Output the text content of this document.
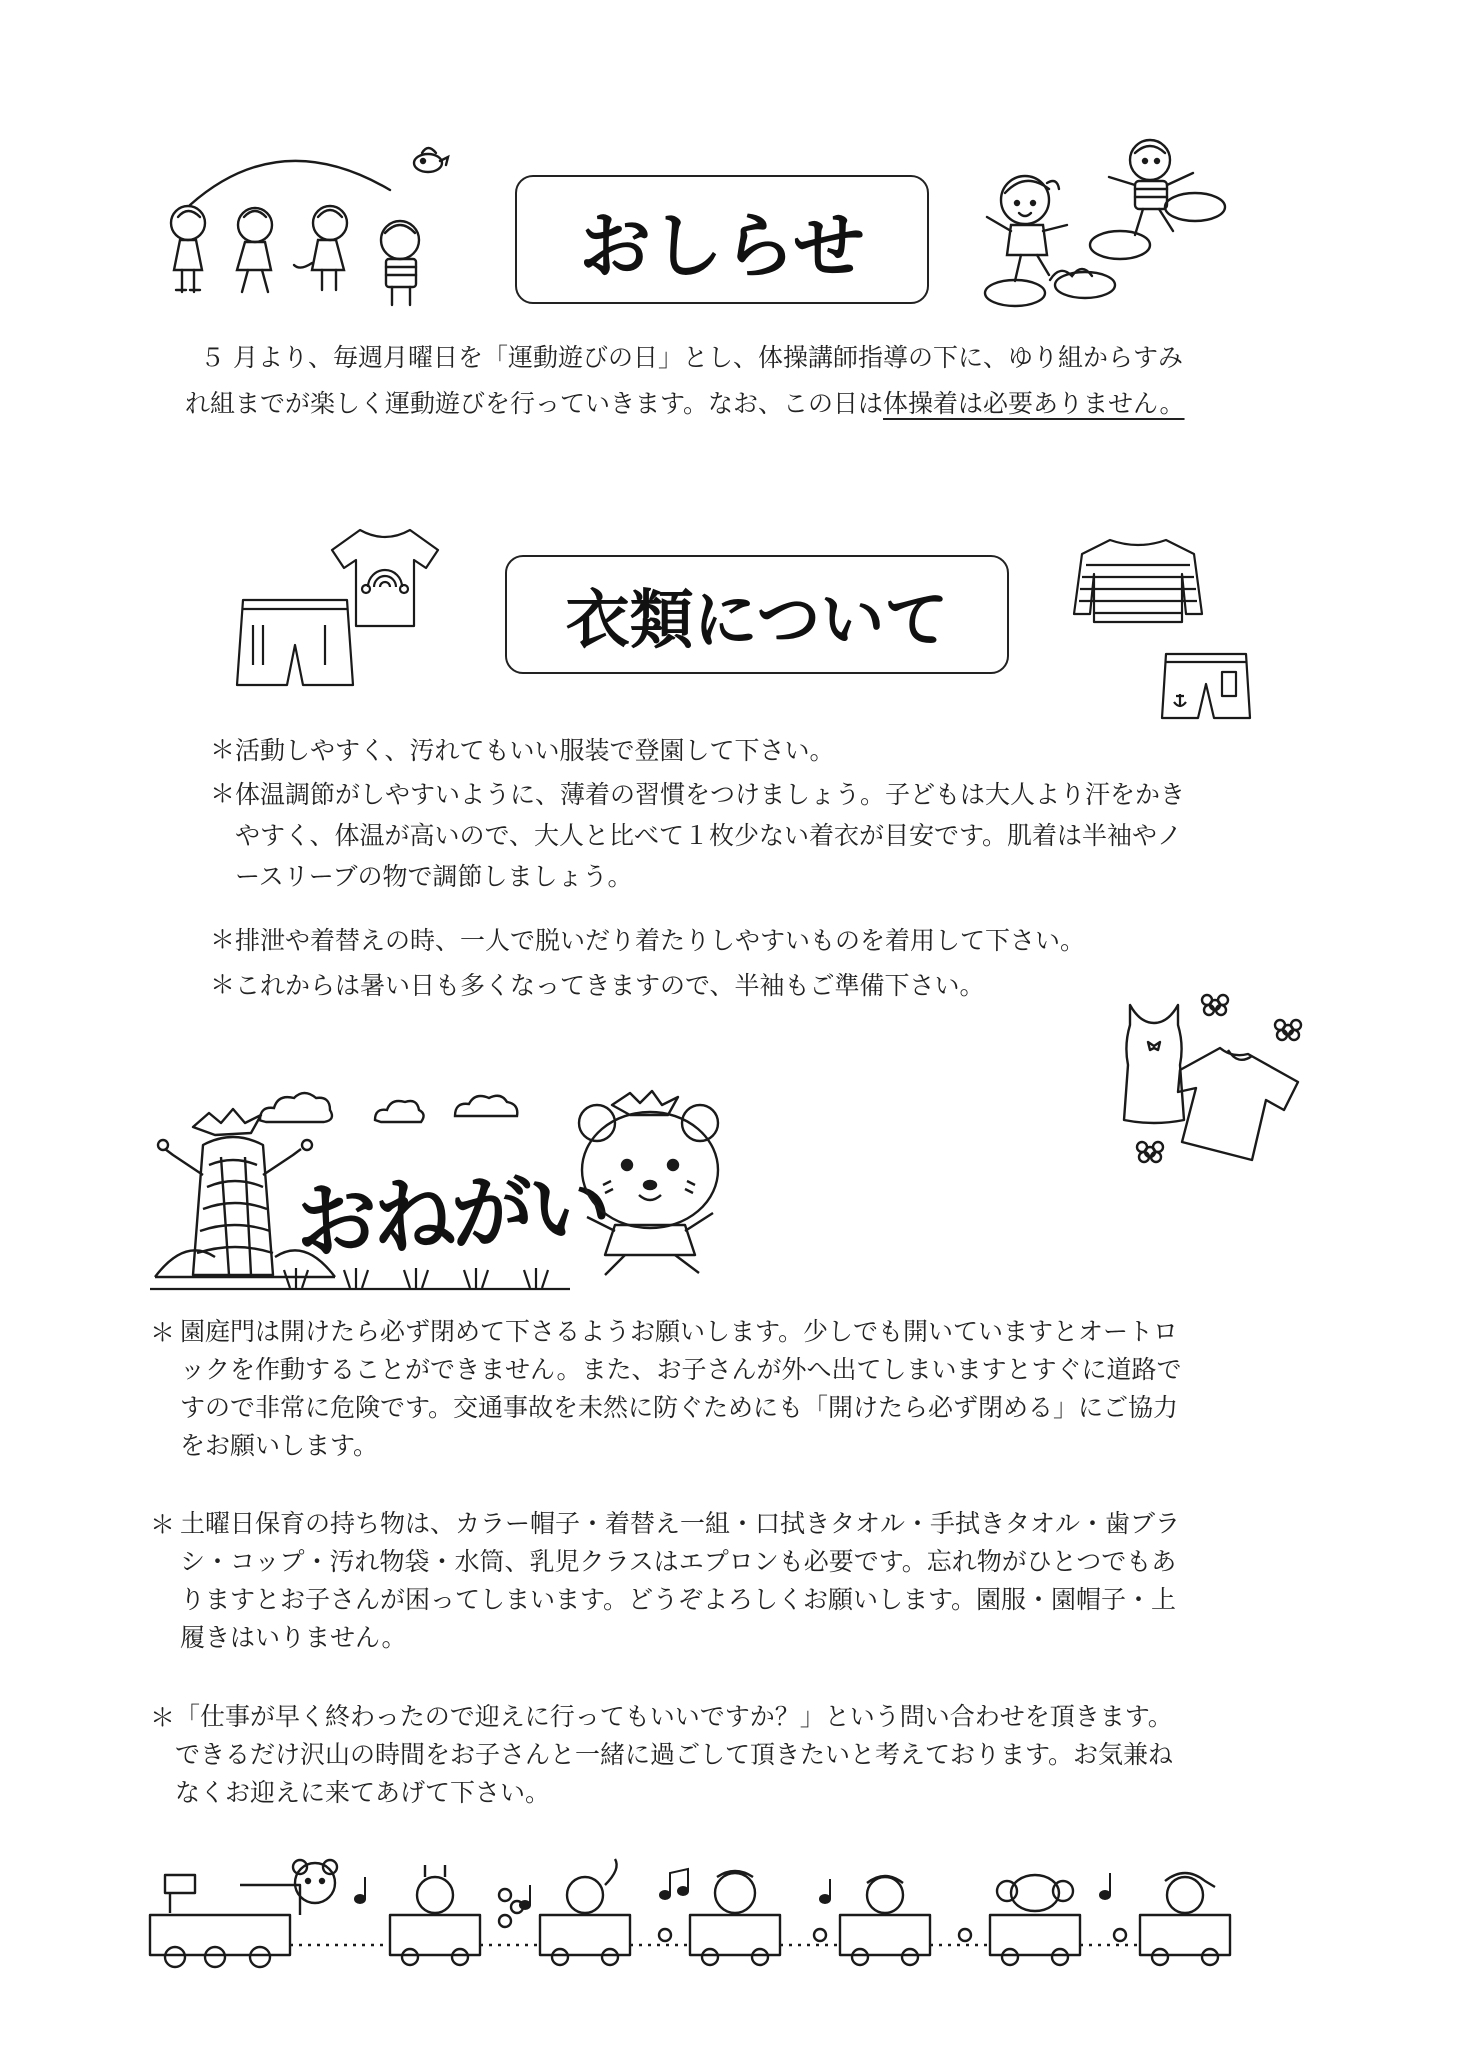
おしらせ
５ 月より、毎週月曜日を「運動遊びの日」とし、体操講師指導の下に、ゆり組からすみ
れ組までが楽しく運動遊びを行っていきます。なお、この日は体操着は必要ありません。
衣類について
＊ 活動しやすく、汚れてもいい服装で登園して下さい。
＊ 体温調節がしやすいように、薄着の習慣をつけましょう。子どもは大人より汗をかき
やすく、体温が高いので、大人と比べて１枚少ない着衣が目安です。肌着は半袖やノ
ースリーブの物で調節しましょう。
＊ 排泄や着替えの時、一人で脱いだり着たりしやすいものを着用して下さい。
＊ これからは暑い日も多くなってきますので、半袖もご準備下さい。
おねがい
＊ 園庭門は開けたら必ず閉めて下さるようお願いします。少しでも開いていますとオートロ
ックを作動することができません。また、お子さんが外へ出てしまいますとすぐに道路で
すので非常に危険です。交通事故を未然に防ぐためにも「開けたら必ず閉める」にご協力
をお願いします。
＊ 土曜日保育の持ち物は、カラー帽子・着替え一組・口拭きタオル・手拭きタオル・歯ブラ
シ・コップ・汚れ物袋・水筒、乳児クラスはエプロンも必要です。忘れ物がひとつでもあ
りますとお子さんが困ってしまいます。どうぞよろしくお願いします。園服・園帽子・上
履きはいりません。
＊ 「仕事が早く終わったので迎えに行ってもいいですか？」という問い合わせを頂きます。
できるだけ沢山の時間をお子さんと一緒に過ごして頂きたいと考えております。お気兼ね
なくお迎えに来てあげて下さい。
